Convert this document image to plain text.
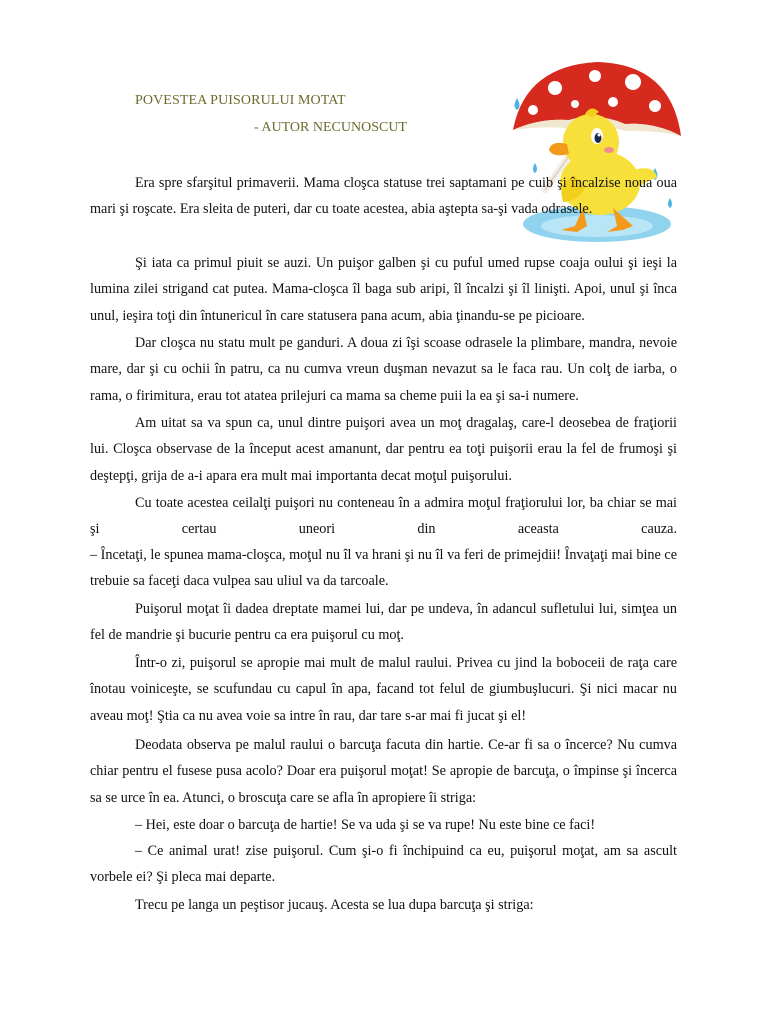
POVESTEA PUISORULUI MOTAT
- AUTOR NECUNOSCUT

Era spre sfarşitul primaverii. Mama cloşca statuse trei saptamani pe cuib şi încalzise noua oua mari şi roşcate. Era sleita de puteri, dar cu toate acestea, abia aştepta sa-şi vada odrasele.

Şi iata ca primul piuit se auzi. Un puişor galben şi cu puful umed rupse coaja oului şi ieşi la lumina zilei strigand cat putea. Mama-cloşca îl baga sub aripi, îl încalzi şi îl linişti. Apoi, unul şi înca unul, ieşira toţi din întunericul în care statusera pana acum, abia ţinandu-se pe picioare.

Dar cloşca nu statu mult pe ganduri. A doua zi îşi scoase odrasele la plimbare, mandra, nevoie mare, dar şi cu ochii în patru, ca nu cumva vreun duşman nevazut sa le faca rau. Un colţ de iarba, o rama, o firimitura, erau tot atatea prilejuri ca mama sa cheme puii la ea şi sa-i numere.

Am uitat sa va spun ca, unul dintre puişori avea un moţ dragalaş, care-l deosebea de fraţiorii lui. Cloşca observase de la început acest amanunt, dar pentru ea toţi puişorii erau la fel de frumoşi şi deştepţi, grija de a-i apara era mult mai importanta decat moţul puişorului.

Cu toate acestea ceilalţi puişori nu conteneau în a admira moţul fraţiorului lor, ba chiar se mai şi certau uneori din aceasta cauza.

– Încetaţi, le spunea mama-cloşca, moţul nu îl va hrani şi nu îl va feri de primejdii! Învaţaţi mai bine ce trebuie sa faceţi daca vulpea sau uliul va da tarcoale.

Puişorul moţat îi dadea dreptate mamei lui, dar pe undeva, în adancul sufletului lui, simţea un fel de mandrie şi bucurie pentru ca era puişorul cu moţ.

Într-o zi, puişorul se apropie mai mult de malul raului. Privea cu jind la bobocеii de raţa care înotau voiniceşte, se scufundau cu capul în apa, facand tot felul de giumbuşlucuri. Şi nici macar nu aveau moţ! Ştia ca nu avea voie sa intre în rau, dar tare s-ar mai fi jucat şi el!

Deodata observa pe malul raului o barcuţa facuta din hartie. Ce-ar fi sa o încerce? Nu cumva chiar pentru el fusese pusa acolo? Doar era puişorul moţat! Se apropie de barcuţa, o împinse şi încerca sa se urce în ea. Atunci, o broscuţa care se afla în apropiere îi striga:

– Hei, este doar o barcuţa de hartie! Se va uda şi se va rupe! Nu este bine ce faci!

– Ce animal urat! zise puişorul. Cum şi-o fi închipuind ca eu, puişorul moţat, am sa ascult vorbele ei? Şi pleca mai departe.

Trecu pe langa un peştisor jucauş. Acesta se lua dupa barcuţa şi striga:
